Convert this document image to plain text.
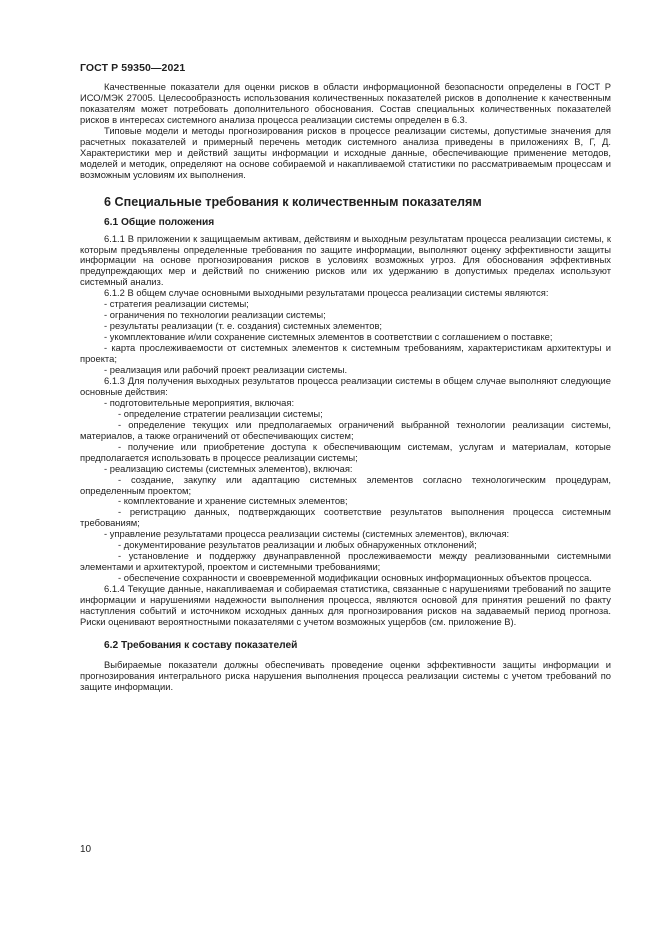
ГОСТ Р 59350—2021

Качественные показатели для оценки рисков в области информационной безопасности определены в ГОСТ Р ИСО/МЭК 27005. Целесообразность использования количественных показателей рисков в дополнение к качественным показателям может потребовать дополнительного обоснования. Состав специальных количественных показателей рисков в интересах системного анализа процесса реализации системы определен в 6.3.

Типовые модели и методы прогнозирования рисков в процессе реализации системы, допустимые значения для расчетных показателей и примерный перечень методик системного анализа приведены в приложениях В, Г, Д. Характеристики мер и действий защиты информации и исходные данные, обеспечивающие применение методов, моделей и методик, определяют на основе собираемой и накапливаемой статистики по рассматриваемым процессам и возможным условиям их выполнения.

6 Специальные требования к количественным показателям

6.1 Общие положения

6.1.1 В приложении к защищаемым активам, действиям и выходным результатам процесса реализации системы, к которым предъявлены определенные требования по защите информации, выполняют оценку эффективности защиты информации на основе прогнозирования рисков в условиях возможных угроз. Для обоснования эффективных предупреждающих мер и действий по снижению рисков или их удержанию в допустимых пределах используют системный анализ.

6.1.2 В общем случае основными выходными результатами процесса реализации системы являются:

- стратегия реализации системы;

- ограничения по технологии реализации системы;

- результаты реализации (т. е. создания) системных элементов;

- укомплектование и/или сохранение системных элементов в соответствии с соглашением о поставке;

- карта прослеживаемости от системных элементов к системным требованиям, характеристикам архитектуры и проекта;

- реализация или рабочий проект реализации системы.

6.1.3 Для получения выходных результатов процесса реализации системы в общем случае выполняют следующие основные действия:

- подготовительные мероприятия, включая:

- определение стратегии реализации системы;

- определение текущих или предполагаемых ограничений выбранной технологии реализации системы, материалов, а также ограничений от обеспечивающих систем;

- получение или приобретение доступа к обеспечивающим системам, услугам и материалам, которые предполагается использовать в процессе реализации системы;

- реализацию системы (системных элементов), включая:

- создание, закупку или адаптацию системных элементов согласно технологическим процедурам, определенным проектом;

- комплектование и хранение системных элементов;

- регистрацию данных, подтверждающих соответствие результатов выполнения процесса системным требованиям;

- управление результатами процесса реализации системы (системных элементов), включая:

- документирование результатов реализации и любых обнаруженных отклонений;

- установление и поддержку двунаправленной прослеживаемости между реализованными системными элементами и архитектурой, проектом и системными требованиями;

- обеспечение сохранности и своевременной модификации основных информационных объектов процесса.

6.1.4 Текущие данные, накапливаемая и собираемая статистика, связанные с нарушениями требований по защите информации и нарушениями надежности выполнения процесса, являются основой для принятия решений по факту наступления событий и источником исходных данных для прогнозирования рисков на задаваемый период прогноза. Риски оценивают вероятностными показателями с учетом возможных ущербов (см. приложение В).

6.2 Требования к составу показателей

Выбираемые показатели должны обеспечивать проведение оценки эффективности защиты информации и прогнозирования интегрального риска нарушения выполнения процесса реализации системы с учетом требований по защите информации.

10
